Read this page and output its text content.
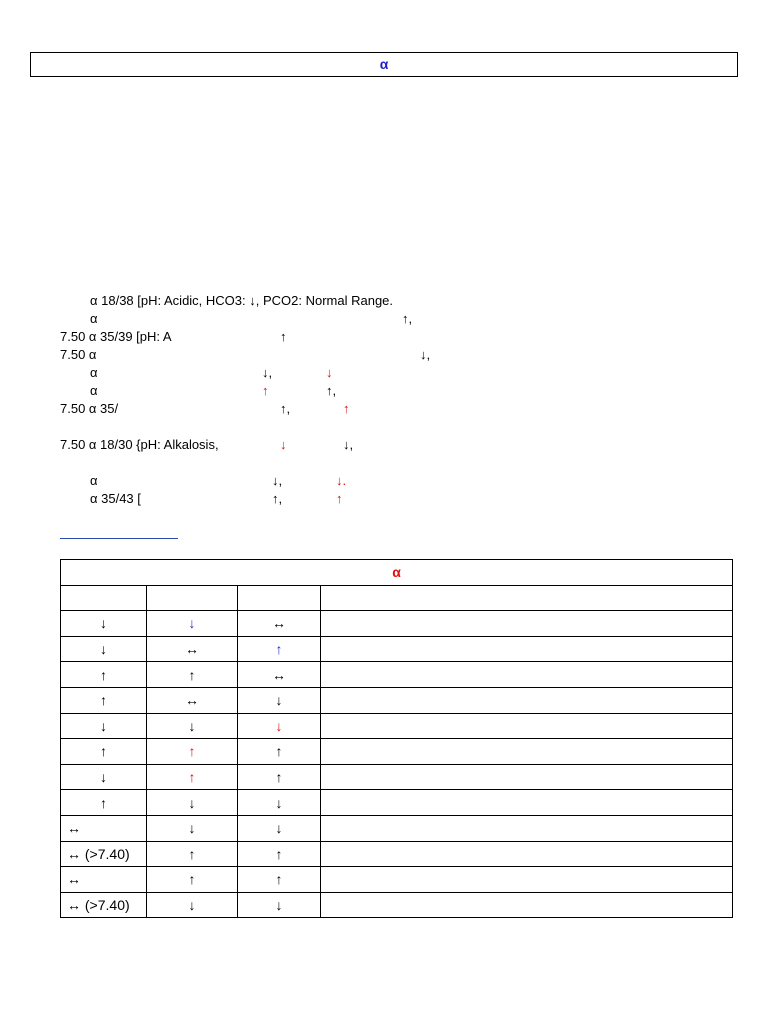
α
α 18/38 [pH: Acidic, HCO3: ↓, PCO2: Normal Range.
α	↑,
7.50 α 35/39 [pH: A	↑
7.50 α	↓,
α	↓,	↓
α	↑	↑,
7.50 α 35/	↑,	↑
7.50 α 18/30 {pH: Alkalosis,	↓	↓,
α	↓,	↓.
α 35/43 [	↑,	↑
α			

↓	↓	↔	
↓	↔	↑	
↑	↑	↔	
↑	↔	↓	
↓	↓	↓	
↑	↑	↑	
↓	↑	↑	
↑	↓	↓	
↔	↓	↓	
↔ (>7.40)	↑	↑	
↔	↑	↑	
↔ (>7.40)	↓	↓	
